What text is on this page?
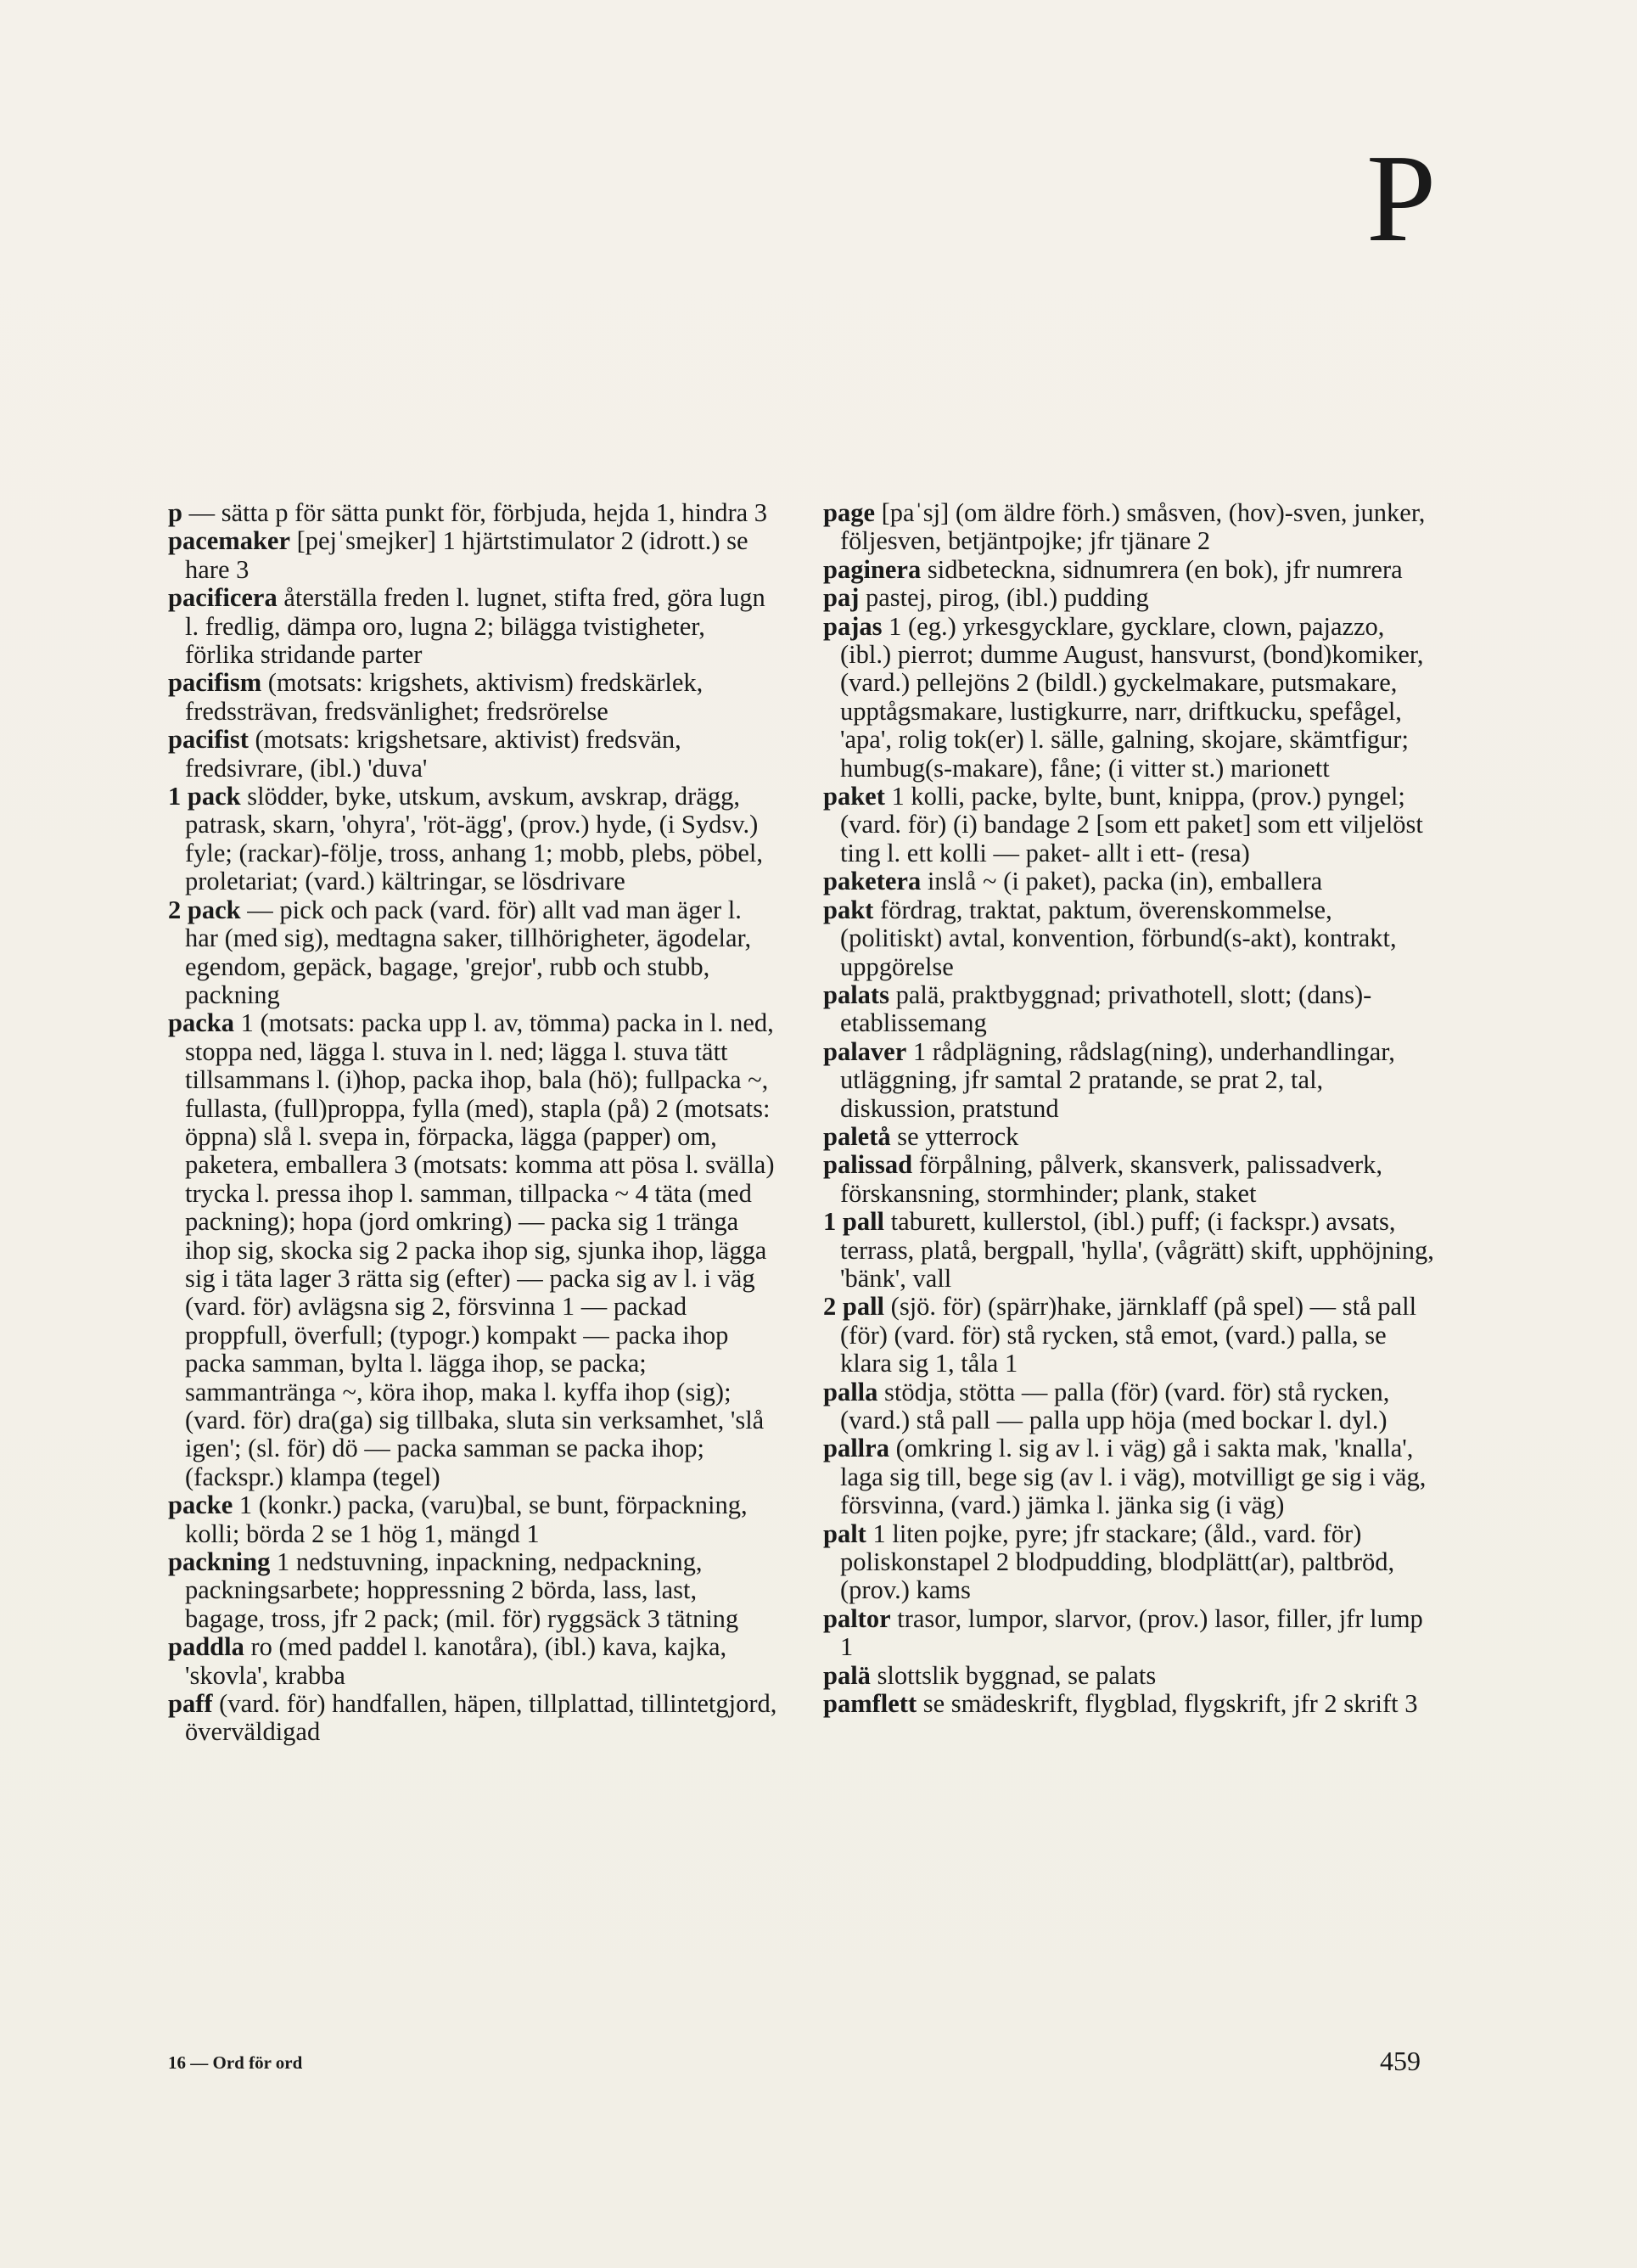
P

p — sätta p för sätta punkt för, förbjuda, hejda 1, hindra 3

pacemaker [pejˈsmejker] 1 hjärtstimulator 2 (idrott.) se hare 3

pacificera återställa freden l. lugnet, stifta fred, göra lugn l. fredlig, dämpa oro, lugna 2; bilägga tvistigheter, förlika stridande parter

pacifism (motsats: krigshets, aktivism) fredskärlek, fredssträvan, fredsvänlighet; fredsrörelse

pacifist (motsats: krigshetsare, aktivist) fredsvän, fredsivrare, (ibl.) 'duva'

1 pack slödder, byke, utskum, avskum, avskrap, drägg, patrask, skarn, 'ohyra', 'röt-ägg', (prov.) hyde, (i Sydsv.) fyle; (rackar)-följe, tross, anhang 1; mobb, plebs, pöbel, proletariat; (vard.) kältringar, se lösdrivare

2 pack — pick och pack (vard. för) allt vad man äger l. har (med sig), medtagna saker, tillhörigheter, ägodelar, egendom, gepäck, bagage, 'grejor', rubb och stubb, packning

packa 1 (motsats: packa upp l. av, tömma) packa in l. ned, stoppa ned, lägga l. stuva in l. ned; lägga l. stuva tätt tillsammans l. (i)hop, packa ihop, bala (hö); fullpacka ~, fullasta, (full)proppa, fylla (med), stapla (på) 2 (motsats: öppna) slå l. svepa in, förpacka, lägga (papper) om, paketera, emballera 3 (motsats: komma att pösa l. svälla) trycka l. pressa ihop l. samman, tillpacka ~ 4 täta (med packning); hopa (jord omkring) — packa sig 1 tränga ihop sig, skocka sig 2 packa ihop sig, sjunka ihop, lägga sig i täta lager 3 rätta sig (efter) — packa sig av l. i väg (vard. för) avlägsna sig 2, försvinna 1 — packad proppfull, överfull; (typogr.) kompakt — packa ihop packa samman, bylta l. lägga ihop, se packa; sammantränga ~, köra ihop, maka l. kyffa ihop (sig); (vard. för) dra(ga) sig tillbaka, sluta sin verksamhet, 'slå igen'; (sl. för) dö — packa samman se packa ihop; (fackspr.) klampa (tegel)

packe 1 (konkr.) packa, (varu)bal, se bunt, förpackning, kolli; börda 2 se 1 hög 1, mängd 1

packning 1 nedstuvning, inpackning, nedpackning, packningsarbete; hoppressning 2 börda, lass, last, bagage, tross, jfr 2 pack; (mil. för) ryggsäck 3 tätning

paddla ro (med paddel l. kanotåra), (ibl.) kava, kajka, 'skovla', krabba

paff (vard. för) handfallen, häpen, tillplattad, tillintetgjord, överväldigad

page [paˈsj] (om äldre förh.) småsven, (hov)-sven, junker, följesven, betjäntpojke; jfr tjänare 2

paginera sidbeteckna, sidnumrera (en bok), jfr numrera

paj pastej, pirog, (ibl.) pudding

pajas 1 (eg.) yrkesgycklare, gycklare, clown, pajazzo, (ibl.) pierrot; dumme August, hansvurst, (bond)komiker, (vard.) pellejöns 2 (bildl.) gyckelmakare, putsmakare, upptågsmakare, lustigkurre, narr, driftkucku, spefågel, 'apa', rolig tok(er) l. sälle, galning, skojare, skämtfigur; humbug(s-makare), fåne; (i vitter st.) marionett

paket 1 kolli, packe, bylte, bunt, knippa, (prov.) pyngel; (vard. för) (i) bandage 2 [som ett paket] som ett viljelöst ting l. ett kolli — paket- allt i ett- (resa)

paketera inslå ~ (i paket), packa (in), emballera

pakt fördrag, traktat, paktum, överenskommelse, (politiskt) avtal, konvention, förbund(s-akt), kontrakt, uppgörelse

palats palä, praktbyggnad; privathotell, slott; (dans)-etablissemang

palaver 1 rådplägning, rådslag(ning), underhandlingar, utläggning, jfr samtal 2 pratande, se prat 2, tal, diskussion, pratstund

paletå se ytterrock

palissad förpålning, pålverk, skansverk, palissadverk, förskansning, stormhinder; plank, staket

1 pall taburett, kullerstol, (ibl.) puff; (i fackspr.) avsats, terrass, platå, bergpall, 'hylla', (vågrätt) skift, upphöjning, 'bänk', vall

2 pall (sjö. för) (spärr)hake, järnklaff (på spel) — stå pall (för) (vard. för) stå rycken, stå emot, (vard.) palla, se klara sig 1, tåla 1

palla stödja, stötta — palla (för) (vard. för) stå rycken, (vard.) stå pall — palla upp höja (med bockar l. dyl.)

pallra (omkring l. sig av l. i väg) gå i sakta mak, 'knalla', laga sig till, bege sig (av l. i väg), motvilligt ge sig i väg, försvinna, (vard.) jämka l. jänka sig (i väg)

palt 1 liten pojke, pyre; jfr stackare; (åld., vard. för) poliskonstapel 2 blodpudding, blodplätt(ar), paltbröd, (prov.) kams

paltor trasor, lumpor, slarvor, (prov.) lasor, filler, jfr lump 1

palä slottslik byggnad, se palats

pamflett se smädeskrift, flygblad, flygskrift, jfr 2 skrift 3

16 — Ord för ord	459
